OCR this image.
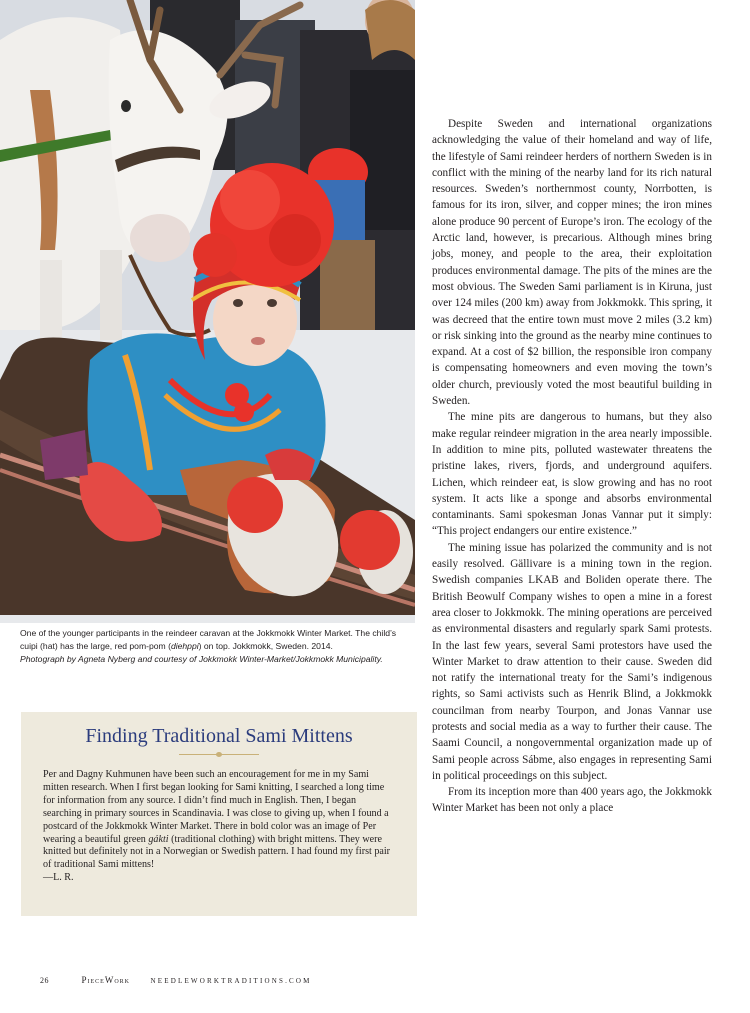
One of the younger participants in the reindeer caravan at the Jokkmokk Winter Market. The child’s cuipi (hat) has the large, red pom-pom (diehppi) on top. Jokkmokk, Sweden. 2014.
Photograph by Agneta Nyberg and courtesy of Jokkmokk Winter-Market/Jokkmokk Municipality.
Finding Traditional Sami Mittens

Per and Dagny Kuhmunen have been such an encouragement for me in my Sami mitten research. When I first began looking for Sami knitting, I searched a long time for information from any source. I didn’t find much in English. Then, I began searching in primary sources in Scandinavia. I was close to giving up, when I found a postcard of the Jokkmokk Winter Market. There in bold color was an image of Per wearing a beautiful green gákti (traditional clothing) with bright mittens. They were knitted but definitely not in a Norwegian or Swedish pattern. I had found my first pair of traditional Sami mittens!

—L. R.

Despite Sweden and international organizations acknowledging the value of their homeland and way of life, the lifestyle of Sami reindeer herders of northern Sweden is in conflict with the mining of the nearby land for its rich natural resources. Sweden’s northernmost county, Norrbotten, is famous for its iron, silver, and copper mines; the iron mines alone produce 90 percent of Europe’s iron. The ecology of the Arctic land, however, is precarious. Although mines bring jobs, money, and people to the area, their exploitation produces environmental damage. The pits of the mines are the most obvious. The Sweden Sami parliament is in Kiruna, just over 124 miles (200 km) away from Jokkmokk. This spring, it was decreed that the entire town must move 2 miles (3.2 km) or risk sinking into the ground as the nearby mine continues to expand. At a cost of $2 billion, the responsible iron company is compensating homeowners and even moving the town’s older church, previously voted the most beautiful building in Sweden.

The mine pits are dangerous to humans, but they also make regular reindeer migration in the area nearly impossible. In addition to mine pits, polluted wastewater threatens the pristine lakes, rivers, fjords, and underground aquifers. Lichen, which reindeer eat, is slow growing and has no root system. It acts like a sponge and absorbs environmental contaminants. Sami spokesman Jonas Vannar put it simply: “This project endangers our entire existence.”

The mining issue has polarized the community and is not easily resolved. Gällivare is a mining town in the region. Swedish companies LKAB and Boliden operate there. The British Beowulf Company wishes to open a mine in a forest area closer to Jokkmokk. The mining operations are perceived as environmental disasters and regularly spark Sami protests. In the last few years, several Sami protestors have used the Winter Market to draw attention to their cause. Sweden did not ratify the international treaty for the Sami’s indigenous rights, so Sami activists such as Henrik Blind, a Jokkmokk councilman from nearby Tourpon, and Jonas Vannar use protests and social media as a way to further their cause. The Saami Council, a nongovernmental organization made up of Sami people across Sábme, also engages in representing Sami in political proceedings on this subject.

From its inception more than 400 years ago, the Jokkmokk Winter Market has been not only a place

26	PieceWork	NEEDLEWORKTRADITIONS.COM
